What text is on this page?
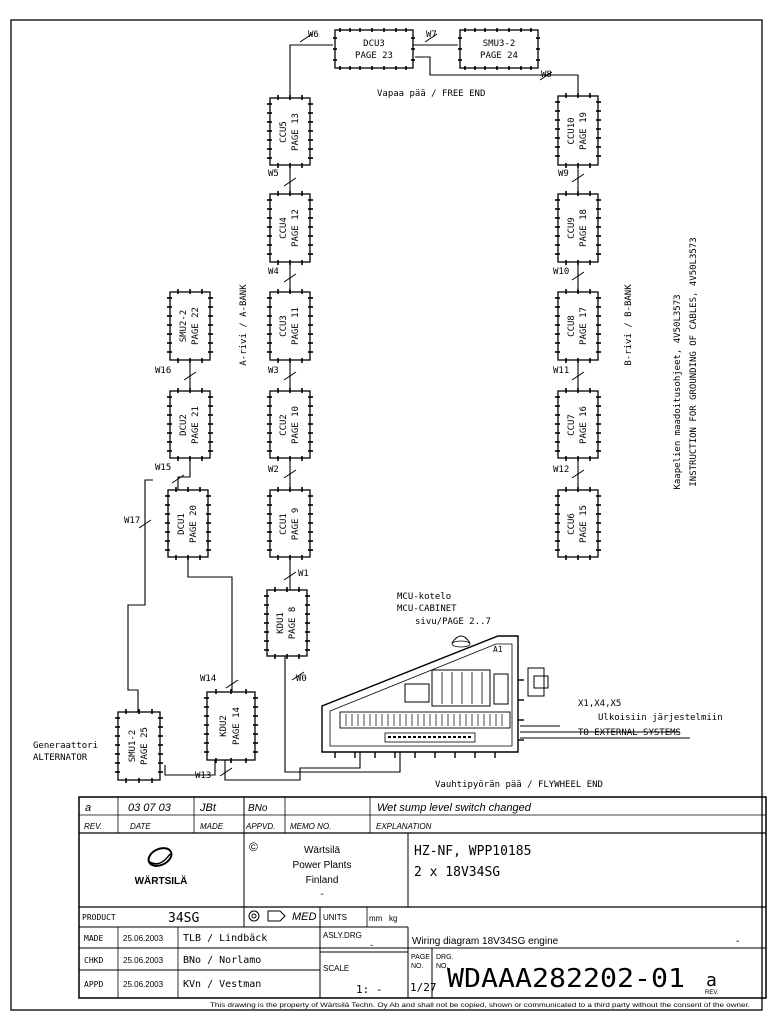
DCU3
PAGE 23
SMU3-2
PAGE 24
CCU5 PAGE 13
CCU4 PAGE 12
CCU3 PAGE 11
CCU2 PAGE 10
CCU1 PAGE 9
KDU1 PAGE 8
CCU10 PAGE 19
CCU9 PAGE 18
CCU8 PAGE 17
CCU7 PAGE 16
CCU6 PAGE 15
SMU2-2 PAGE 22
DCU2 PAGE 21
DCU1 PAGE 20
KDU2 PAGE 14
SMU1-2 PAGE 25
W6	W7
W8
W5
W4
W3
W2
W1
W0
W9
W10
W11
W12
W16
W15
W17
W14
W13
Vapaa pää / FREE END
A-rivi / A-BANK	B-rivi / B-BANK	Kaapelien maadoitusohjeet, 4V50L3573 INSTRUCTION FOR GROUNDING OF CABLES, 4V50L3573
MCU-kotelo
MCU-CABINET
sivu/PAGE 2..7
A1
X1,X4,X5
Ulkoisiin järjestelmiin
TO EXTERNAL SYSTEMS
Generaattori
ALTERNATOR
Vauhtipyörän pää / FLYWHEEL END
a	03 07 03	JBt	BNo	Wet sump level switch changed
REV.	DATE	MADE	APPVD. MEMO NO.	EXPLANATION
WÄRTSILÄ
©	Wärtsilä
Power Plants
Finland
-
HZ-NF, WPP10185
2 x 18V34SG
PRODUCT	34SG	MED UNITS	mm kg
MADE 25.06.2003 TLB / Lindbäck
CHKD 25.06.2003 BNo / Norlamo
APPD 25.06.2003 KVn / Vestman
ASLY.DRG
-
SCALE
1: -
Wiring diagram 18V34SG engine	-
PAGE
NO.
1/27
DRG.
NO.
WDAAA282202-01 a
REV.
This drawing is the property of Wärtsilä Techn. Oy Ab and shall not be copied, shown or communicated to a third party without the consent of the owner.
